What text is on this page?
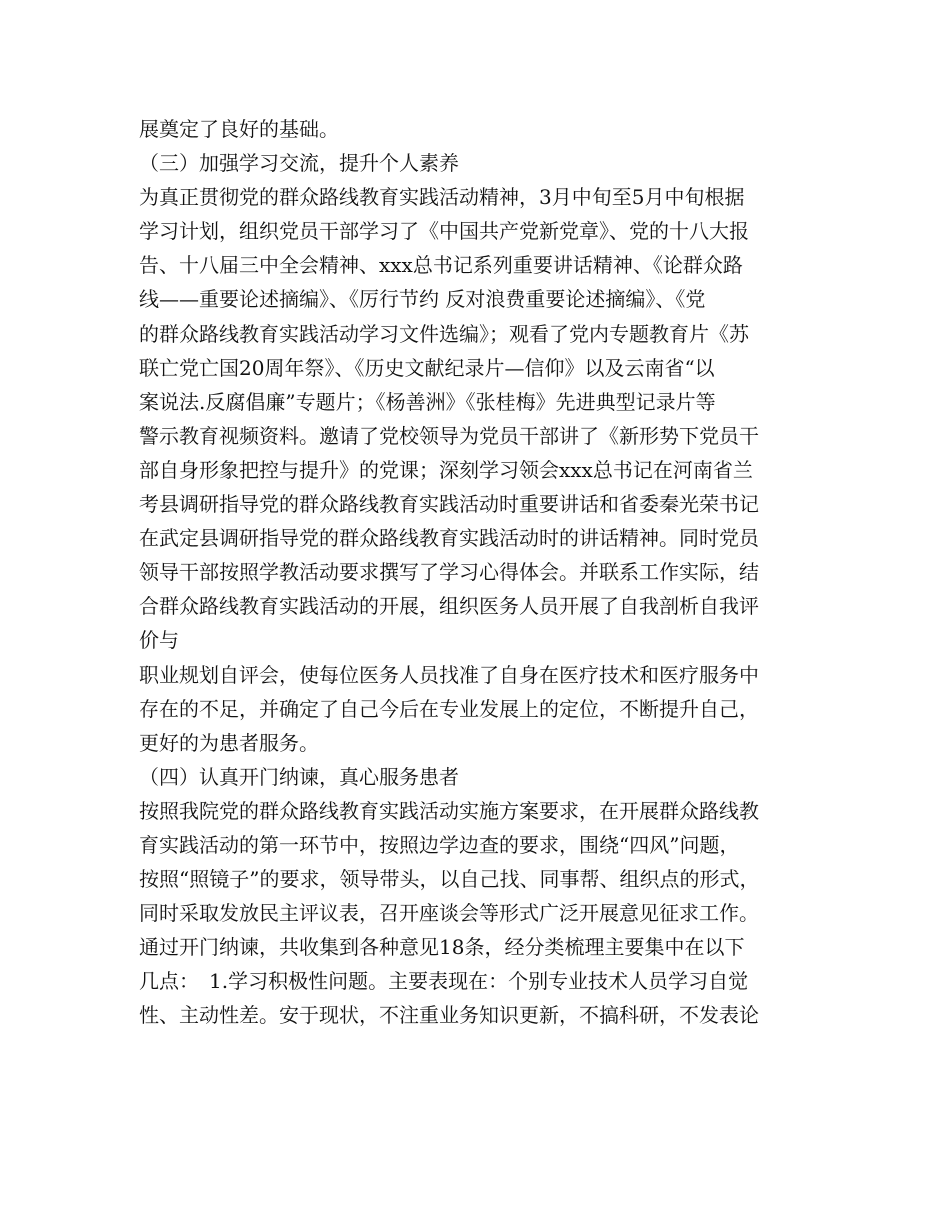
展奠定了良好的基础。
（三）加强学习交流，提升个人素养
为真正贯彻党的群众路线教育实践活动精神，3月中旬至5月中旬根据
学习计划，组织党员干部学习了《中国共产党新党章》、党的十八大报
告、十八届三中全会精神、xxx总书记系列重要讲话精神、《论群众路
线——重要论述摘编》、《厉行节约 反对浪费重要论述摘编》、《党
的群众路线教育实践活动学习文件选编》；观看了党内专题教育片《苏
联亡党亡国20周年祭》、《历史文献纪录片—信仰》以及云南省“以
案说法.反腐倡廉”专题片；《杨善洲》《张桂梅》先进典型记录片等
警示教育视频资料。邀请了党校领导为党员干部讲了《新形势下党员干
部自身形象把控与提升》的党课；深刻学习领会xxx总书记在河南省兰
考县调研指导党的群众路线教育实践活动时重要讲话和省委秦光荣书记
在武定县调研指导党的群众路线教育实践活动时的讲话精神。同时党员
领导干部按照学教活动要求撰写了学习心得体会。并联系工作实际，结
合群众路线教育实践活动的开展，组织医务人员开展了自我剖析自我评
价与
职业规划自评会，使每位医务人员找准了自身在医疗技术和医疗服务中
存在的不足，并确定了自己今后在专业发展上的定位，不断提升自己，
更好的为患者服务。
（四）认真开门纳谏，真心服务患者
按照我院党的群众路线教育实践活动实施方案要求，在开展群众路线教
育实践活动的第一环节中，按照边学边查的要求，围绕“四风”问题，
按照“照镜子”的要求，领导带头，以自己找、同事帮、组织点的形式，
同时采取发放民主评议表，召开座谈会等形式广泛开展意见征求工作。
通过开门纳谏，共收集到各种意见18条，经分类梳理主要集中在以下
几点：　1.学习积极性问题。主要表现在：个别专业技术人员学习自觉
性、主动性差。安于现状，不注重业务知识更新，不搞科研，不发表论
